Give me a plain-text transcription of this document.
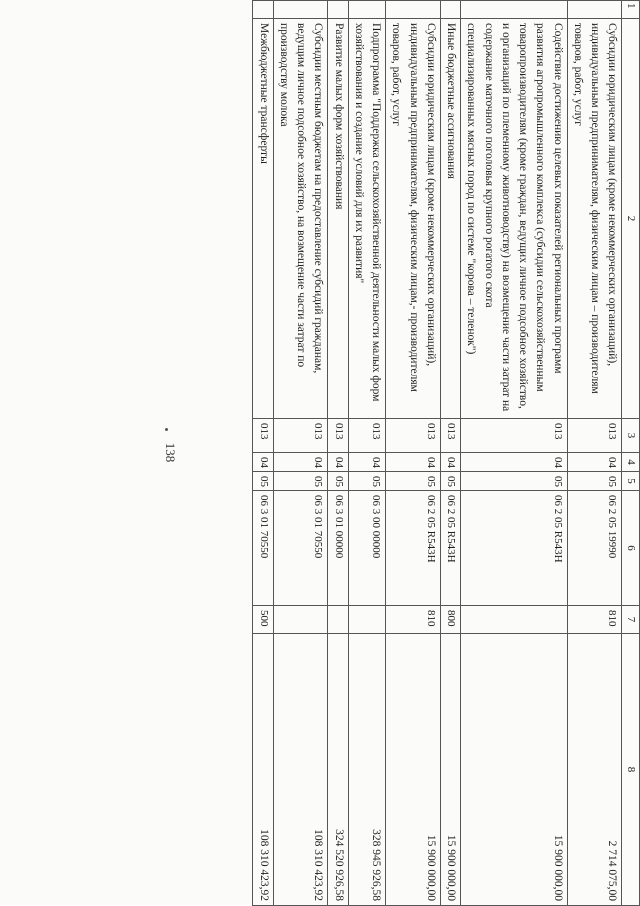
1	2	3	4	5	6	7	8
	Субсидии юридическим лицам (кроме некоммерческих организаций), индивидуальным предпринимателям, физическим лицам – производителям товаров, работ, услуг	013	04	05	06 2 05 19990	810	2 714 075,00
	Содействие достижению целевых показателей региональных программ развития агропромышленного комплекса (субсидии сельскохозяйственным товаропроизводителям (кроме граждан, ведущих личное подсобное хозяйство, и организаций по племенному животноводству) на возмещение части затрат на содержание маточного поголовья крупного рогатого скота специализированных мясных пород по системе "корова – теленок")	013	04	05	06 2 05 R543H		15 900 000,00
	Иные бюджетные ассигнования	013	04	05	06 2 05 R543H	800	15 900 000,00
	Субсидии юридическим лицам (кроме некоммерческих организаций), индивидуальным предпринимателям, физическим лицам,- производителям товаров, работ, услуг	013	04	05	06 2 05 R543H	810	15 900 000,00
	Подпрограмма "Поддержка сельскохозяйственной деятельности малых форм хозяйствования и создание условий для их развития"	013	04	05	06 3 00 00000		328 945 926,58
	Развитие малых форм хозяйствования	013	04	05	06 3 01 00000		324 520 926,58
	Субсидии местным бюджетам на предоставление субсидий гражданам, ведущим личное подсобное хозяйство, на возмещение части затрат по производству молока	013	04	05	06 3 01 70550		108 310 423,92
	Межбюджетные трансферты	013	04	05	06 3 01 70550	500	108 310 423,92
138
